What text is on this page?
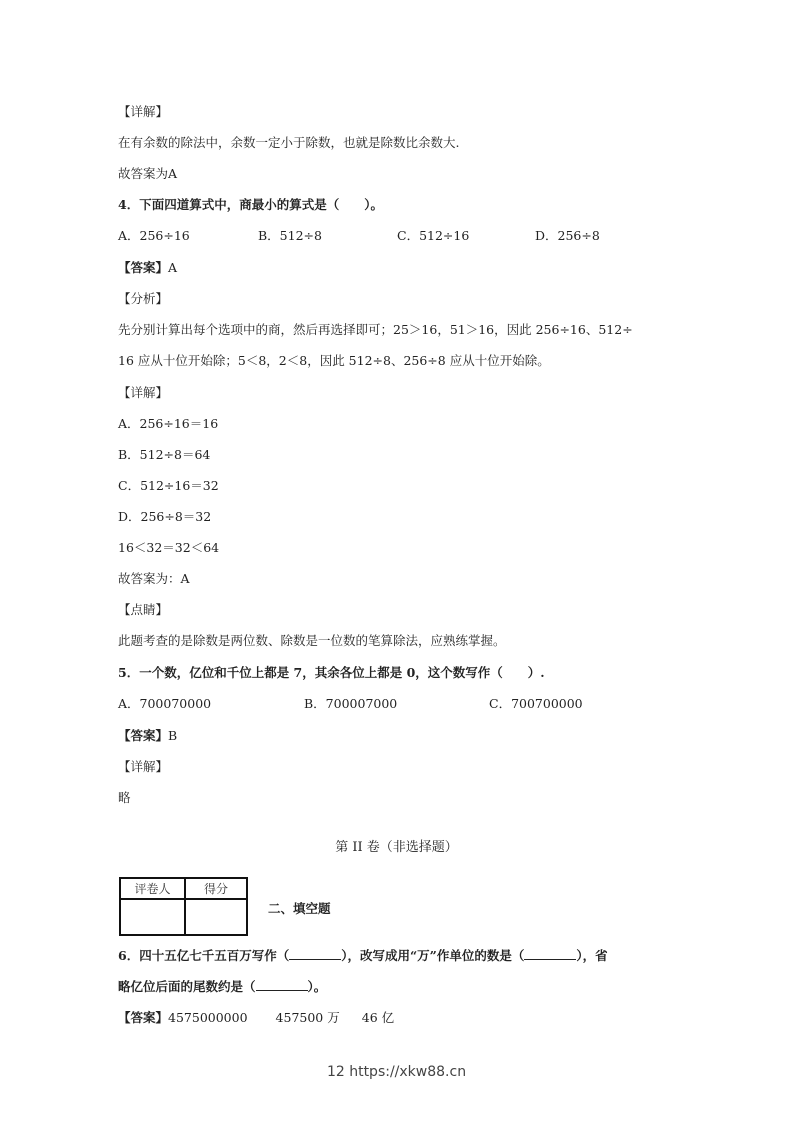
【详解】
在有余数的除法中，余数一定小于除数，也就是除数比余数大.
故答案为A
4．下面四道算式中，商最小的算式是（　　）。
A．256÷16	B．512÷8	C．512÷16	D．256÷8
【答案】A
【分析】
先分别计算出每个选项中的商，然后再选择即可；25＞16，51＞16，因此 256÷16、512÷
16 应从十位开始除；5＜8，2＜8，因此 512÷8、256÷8 应从十位开始除。
【详解】
A．256÷16＝16
B．512÷8＝64
C．512÷16＝32
D．256÷8＝32
16＜32＝32＜64
故答案为：A
【点睛】
此题考查的是除数是两位数、除数是一位数的笔算除法，应熟练掌握。
5．一个数，亿位和千位上都是 7，其余各位上都是 0，这个数写作（　　）.
A．700070000	B．700007000	C．700700000
【答案】B
【详解】
略
第 II 卷（非选择题）
评卷人	得分

二、填空题
6．四十五亿七千五百万写作（	），改写成用“万”作单位的数是（	），省
略亿位后面的尾数约是（	）。
【答案】4575000000 457500 万 46 亿
12 https://xkw88.cn
